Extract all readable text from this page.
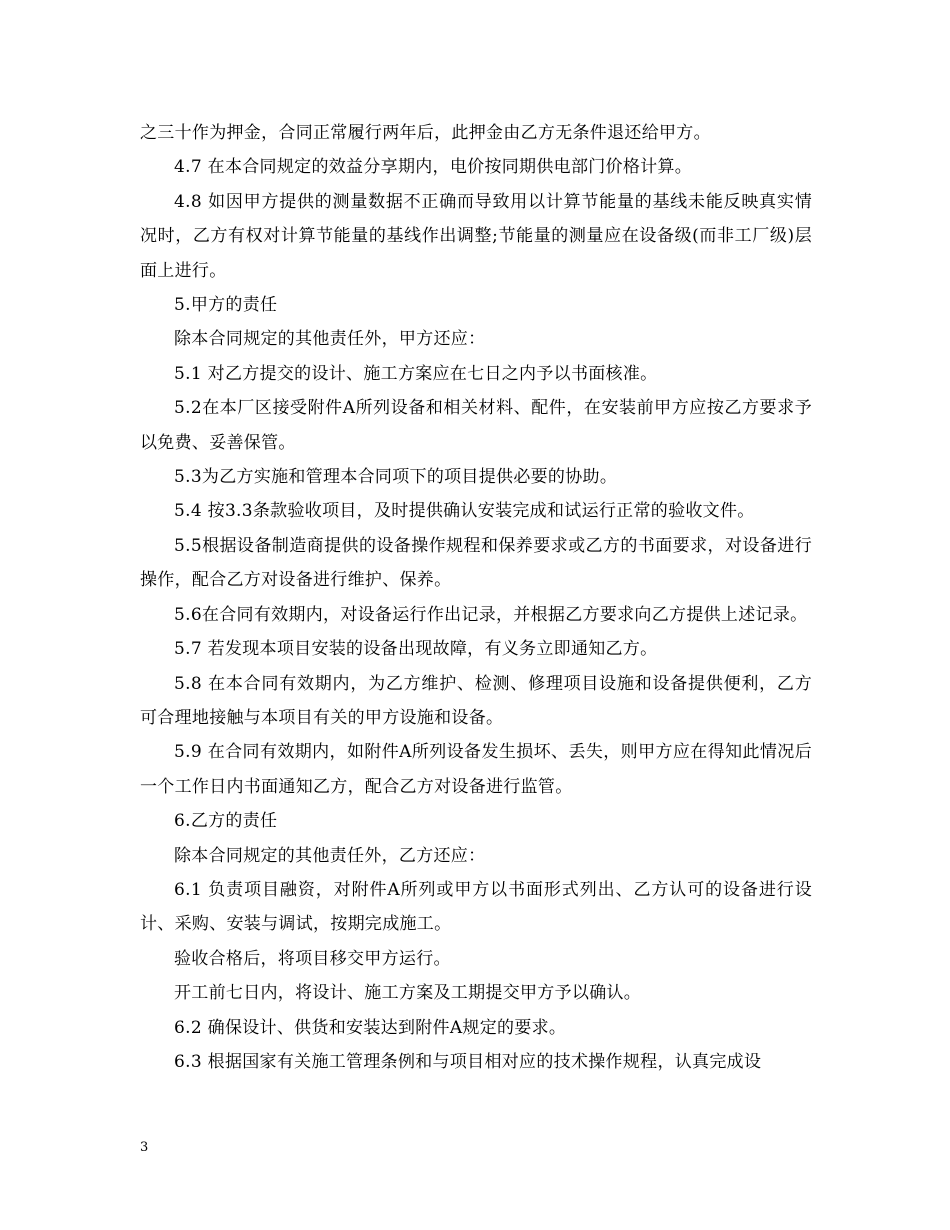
之三十作为押金，合同正常履行两年后，此押金由乙方无条件退还给甲方。

4.7 在本合同规定的效益分享期内，电价按同期供电部门价格计算。

4.8 如因甲方提供的测量数据不正确而导致用以计算节能量的基线未能反映真实情况时，乙方有权对计算节能量的基线作出调整;节能量的测量应在设备级(而非工厂级)层面上进行。

5.甲方的责任

除本合同规定的其他责任外，甲方还应：

5.1 对乙方提交的设计、施工方案应在七日之内予以书面核准。

5.2在本厂区接受附件A所列设备和相关材料、配件，在安装前甲方应按乙方要求予以免费、妥善保管。

5.3为乙方实施和管理本合同项下的项目提供必要的协助。

5.4 按3.3条款验收项目，及时提供确认安装完成和试运行正常的验收文件。

5.5根据设备制造商提供的设备操作规程和保养要求或乙方的书面要求，对设备进行操作，配合乙方对设备进行维护、保养。

5.6在合同有效期内，对设备运行作出记录，并根据乙方要求向乙方提供上述记录。

5.7 若发现本项目安装的设备出现故障，有义务立即通知乙方。

5.8 在本合同有效期内，为乙方维护、检测、修理项目设施和设备提供便利，乙方可合理地接触与本项目有关的甲方设施和设备。

5.9 在合同有效期内，如附件A所列设备发生损坏、丢失，则甲方应在得知此情况后一个工作日内书面通知乙方，配合乙方对设备进行监管。

6.乙方的责任

除本合同规定的其他责任外，乙方还应：

6.1 负责项目融资，对附件A所列或甲方以书面形式列出、乙方认可的设备进行设计、采购、安装与调试，按期完成施工。

验收合格后，将项目移交甲方运行。

开工前七日内，将设计、施工方案及工期提交甲方予以确认。

6.2 确保设计、供货和安装达到附件A规定的要求。

6.3 根据国家有关施工管理条例和与项目相对应的技术操作规程，认真完成设

3
